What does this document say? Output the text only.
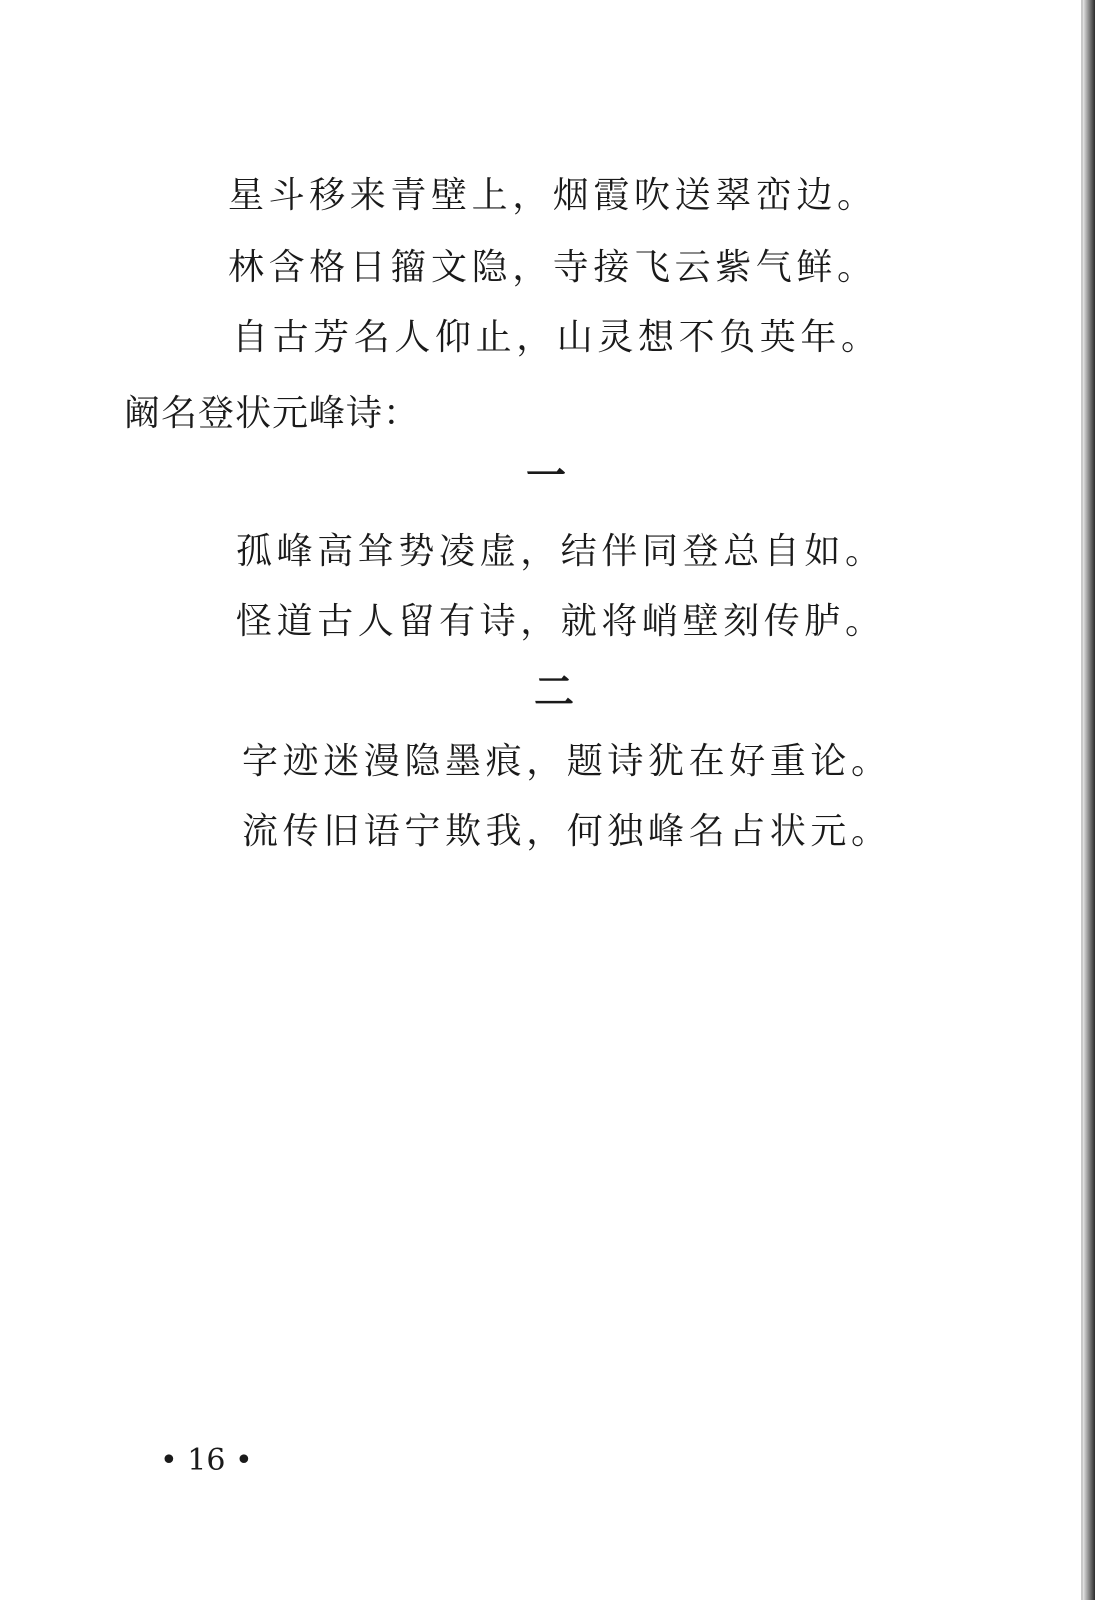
星斗移来青壁上，烟霞吹送翠峦边。
林含格日籀文隐，寺接飞云紫气鲜。
自古芳名人仰止，山灵想不负英年。
阚名登状元峰诗：
一
孤峰高耸势凌虚，结伴同登总自如。
怪道古人留有诗，就将峭壁刻传胪。
二
字迹迷漫隐墨痕，题诗犹在好重论。
流传旧语宁欺我，何独峰名占状元。
• 16 •
